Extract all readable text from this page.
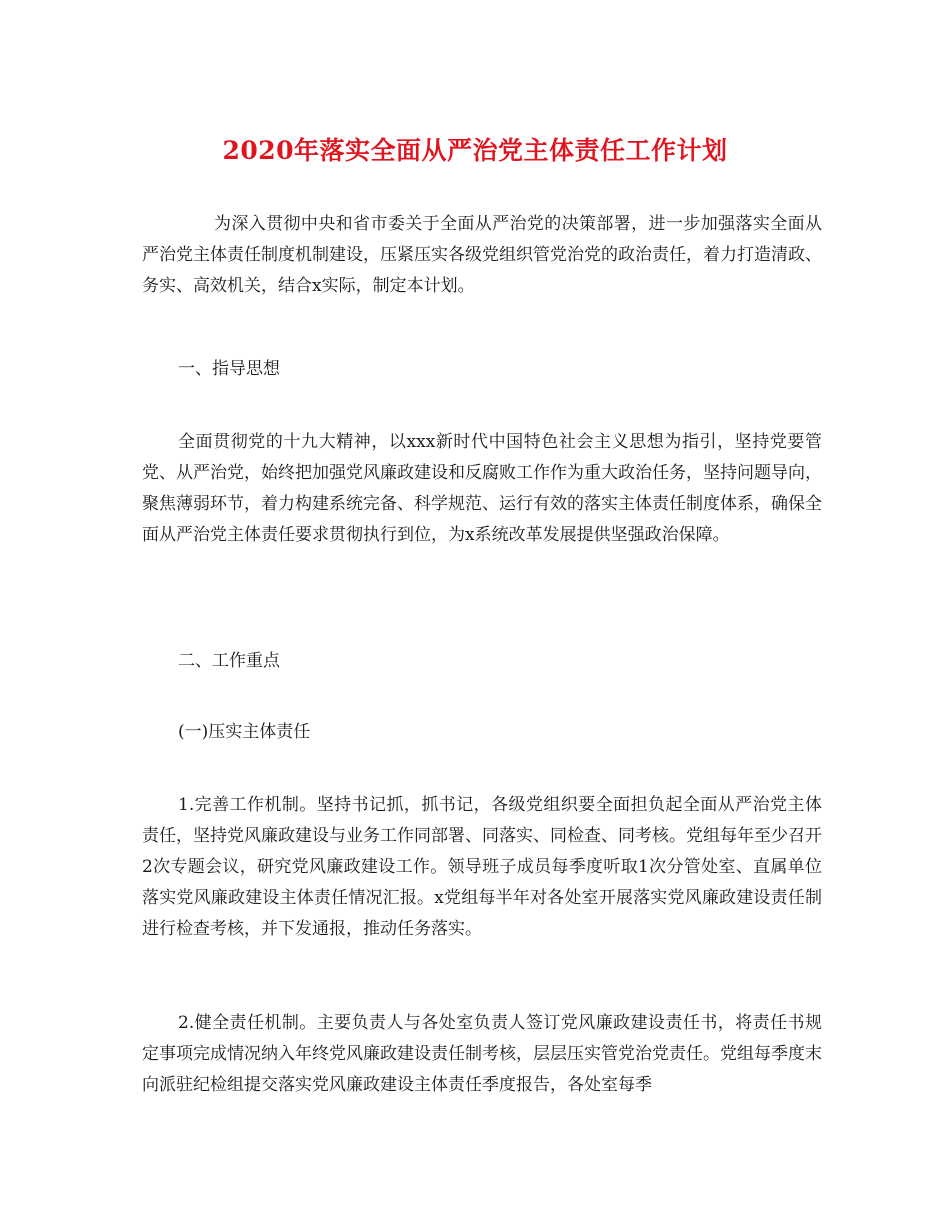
2020年落实全面从严治党主体责任工作计划

为深入贯彻中央和省市委关于全面从严治党的决策部署，进一步加强落实全面从严治党主体责任制度机制建设，压紧压实各级党组织管党治党的政治责任，着力打造清政、务实、高效机关，结合x实际，制定本计划。

一、指导思想

全面贯彻党的十九大精神，以xxx新时代中国特色社会主义思想为指引，坚持党要管党、从严治党，始终把加强党风廉政建设和反腐败工作作为重大政治任务，坚持问题导向，聚焦薄弱环节，着力构建系统完备、科学规范、运行有效的落实主体责任制度体系，确保全面从严治党主体责任要求贯彻执行到位，为x系统改革发展提供坚强政治保障。

二、工作重点

(一)压实主体责任

1.完善工作机制。坚持书记抓，抓书记，各级党组织要全面担负起全面从严治党主体责任，坚持党风廉政建设与业务工作同部署、同落实、同检查、同考核。党组每年至少召开2次专题会议，研究党风廉政建设工作。领导班子成员每季度听取1次分管处室、直属单位落实党风廉政建设主体责任情况汇报。x党组每半年对各处室开展落实党风廉政建设责任制进行检查考核，并下发通报，推动任务落实。

2.健全责任机制。主要负责人与各处室负责人签订党风廉政建设责任书，将责任书规定事项完成情况纳入年终党风廉政建设责任制考核，层层压实管党治党责任。党组每季度末向派驻纪检组提交落实党风廉政建设主体责任季度报告，各处室每季
